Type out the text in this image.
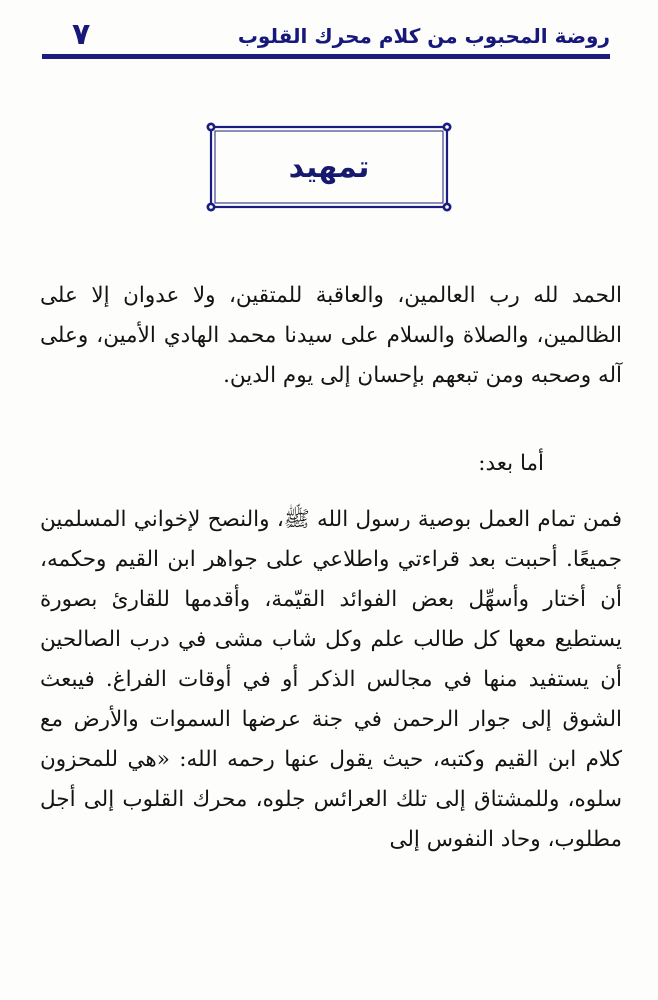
٧	روضة المحبوب من كلام محرك القلوب
تمهيد

الحمد لله رب العالمين، والعاقبة للمتقين، ولا عدوان إلا على الظالمين، والصلاة والسلام على سيدنا محمد الهادي الأمين، وعلى آله وصحبه ومن تبعهم بإحسان إلى يوم الدين.

أما بعد:

فمن تمام العمل بوصية رسول الله ﷺ، والنصح لإخواني المسلمين جميعًا. أحببت بعد قراءتي واطلاعي على جواهر ابن القيم وحكمه، أن أختار وأسهِّل بعض الفوائد القيّمة، وأقدمها للقارئ بصورة يستطيع معها كل طالب علم وكل شاب مشى في درب الصالحين أن يستفيد منها في مجالس الذكر أو في أوقات الفراغ. فيبعث الشوق إلى جوار الرحمن في جنة عرضها السموات والأرض مع كلام ابن القيم وكتبه، حيث يقول عنها رحمه الله: «هي للمحزون سلوه، وللمشتاق إلى تلك العرائس جلوه، محرك القلوب إلى أجل مطلوب، وحاد النفوس إلى
